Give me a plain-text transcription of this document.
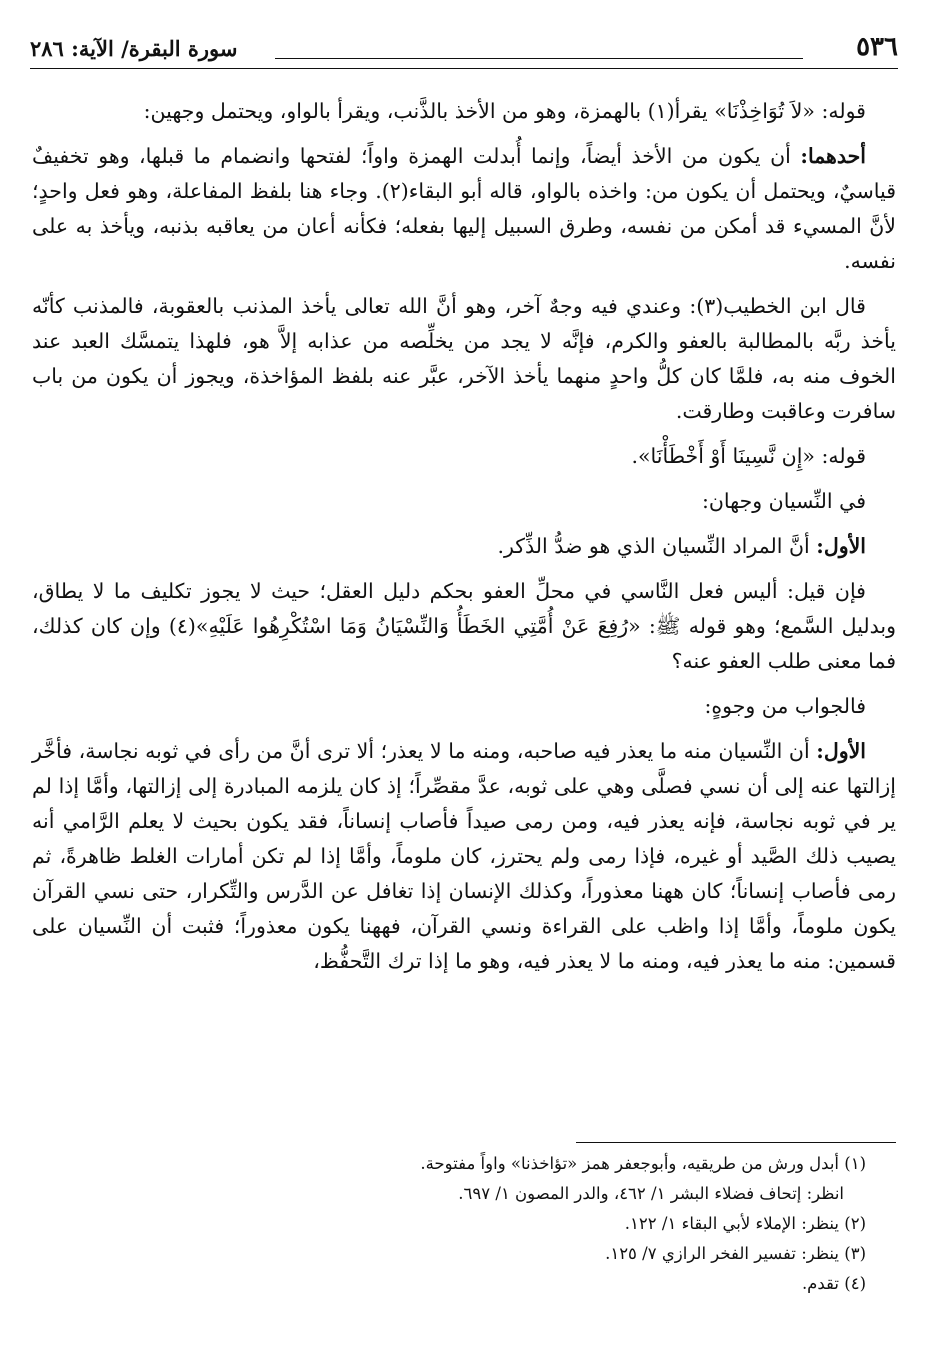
٥٣٦
سورة البقرة/ الآية: ٢٨٦

قوله: «لاَ تُوَاخِذْنَا» يقرأ(١) بالهمزة، وهو من الأخذ بالذَّنب، ويقرأ بالواو، ويحتمل وجهين:

أحدهما: أن يكون من الأخذ أيضاً، وإنما أُبدلت الهمزة واواً؛ لفتحها وانضمام ما قبلها، وهو تخفيفٌ قياسيٌ، ويحتمل أن يكون من: واخذه بالواو، قاله أبو البقاء(٢). وجاء هنا بلفظ المفاعلة، وهو فعل واحدٍ؛ لأنَّ المسيء قد أمكن من نفسه، وطرق السبيل إليها بفعله؛ فكأنه أعان من يعاقبه بذنبه، ويأخذ به على نفسه.

قال ابن الخطيب(٣): وعندي فيه وجهٌ آخر، وهو أنَّ الله تعالى يأخذ المذنب بالعقوبة، فالمذنب كأنّه يأخذ ربَّه بالمطالبة بالعفو والكرم، فإنَّه لا يجد من يخلِّصه من عذابه إلاَّ هو، فلهذا يتمسَّك العبد عند الخوف منه به، فلمَّا كان كلُّ واحدٍ منهما يأخذ الآخر، عبَّر عنه بلفظ المؤاخذة، ويجوز أن يكون من باب سافرت وعاقبت وطارقت.

قوله: «إِن نَّسِينَا أَوْ أَخْطَأْنَا».

في النِّسيان وجهان:

الأول: أنَّ المراد النِّسيان الذي هو ضدُّ الذِّكر.

فإن قيل: أليس فعل النَّاسي في محلِّ العفو بحكم دليل العقل؛ حيث لا يجوز تكليف ما لا يطاق، وبدليل السَّمع؛ وهو قوله ﷺ: «رُفِعَ عَنْ أُمَّتِي الخَطَأُ وَالنِّسْيَانُ وَمَا اسْتُكْرِهُوا عَلَيْهِ»(٤) وإن كان كذلك، فما معنى طلب العفو عنه؟

فالجواب من وجوهٍ:

الأول: أن النِّسيان منه ما يعذر فيه صاحبه، ومنه ما لا يعذر؛ ألا ترى أنَّ من رأى في ثوبه نجاسة، فأخَّر إزالتها عنه إلى أن نسي فصلَّى وهي على ثوبه، عدَّ مقصِّراً؛ إذ كان يلزمه المبادرة إلى إزالتها، وأمَّا إذا لم ير في ثوبه نجاسة، فإنه يعذر فيه، ومن رمى صيداً فأصاب إنساناً، فقد يكون بحيث لا يعلم الرَّامي أنه يصيب ذلك الصَّيد أو غيره، فإذا رمى ولم يحترز، كان ملوماً، وأمَّا إذا لم تكن أمارات الغلط ظاهرةً، ثم رمى فأصاب إنساناً؛ كان ههنا معذوراً، وكذلك الإنسان إذا تغافل عن الدَّرس والتِّكرار، حتى نسي القرآن يكون ملوماً، وأمَّا إذا واظب على القراءة ونسي القرآن، فههنا يكون معذوراً؛ فثبت أن النِّسيان على قسمين: منه ما يعذر فيه، ومنه ما لا يعذر فيه، وهو ما إذا ترك التَّحفُّظ،

(١) أبدل ورش من طريقيه، وأبوجعفر همز «تؤاخذنا» واواً مفتوحة.
انظر: إتحاف فضلاء البشر ١/ ٤٦٢، والدر المصون ١/ ٦٩٧.
(٢) ينظر: الإملاء لأبي البقاء ١/ ١٢٢.
(٣) ينظر: تفسير الفخر الرازي ٧/ ١٢٥.
(٤) تقدم.
